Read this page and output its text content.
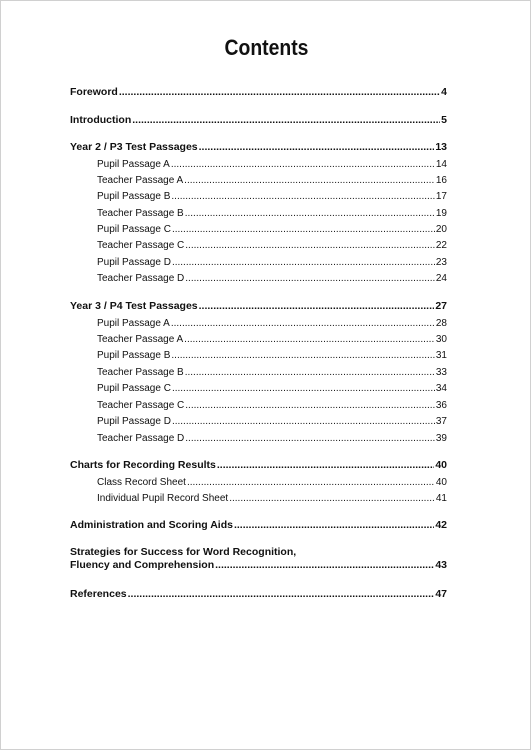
Contents
Foreword .....	4
Introduction .....	5
Year 2 / P3 Test Passages .....	13
Pupil Passage A .....	14
Teacher Passage A .....	16
Pupil Passage B .....	17
Teacher Passage B .....	19
Pupil Passage C .....	20
Teacher Passage C .....	22
Pupil Passage D .....	23
Teacher Passage D .....	24
Year 3 / P4 Test Passages .....	27
Pupil Passage A .....	28
Teacher Passage A .....	30
Pupil Passage B .....	31
Teacher Passage B .....	33
Pupil Passage C .....	34
Teacher Passage C .....	36
Pupil Passage D .....	37
Teacher Passage D .....	39
Charts for Recording Results .....	40
Class Record Sheet .....	40
Individual Pupil Record Sheet .....	41
Administration and Scoring Aids .....	42
Strategies for Success for Word Recognition,
Fluency and Comprehension .....	43
References .....	47
